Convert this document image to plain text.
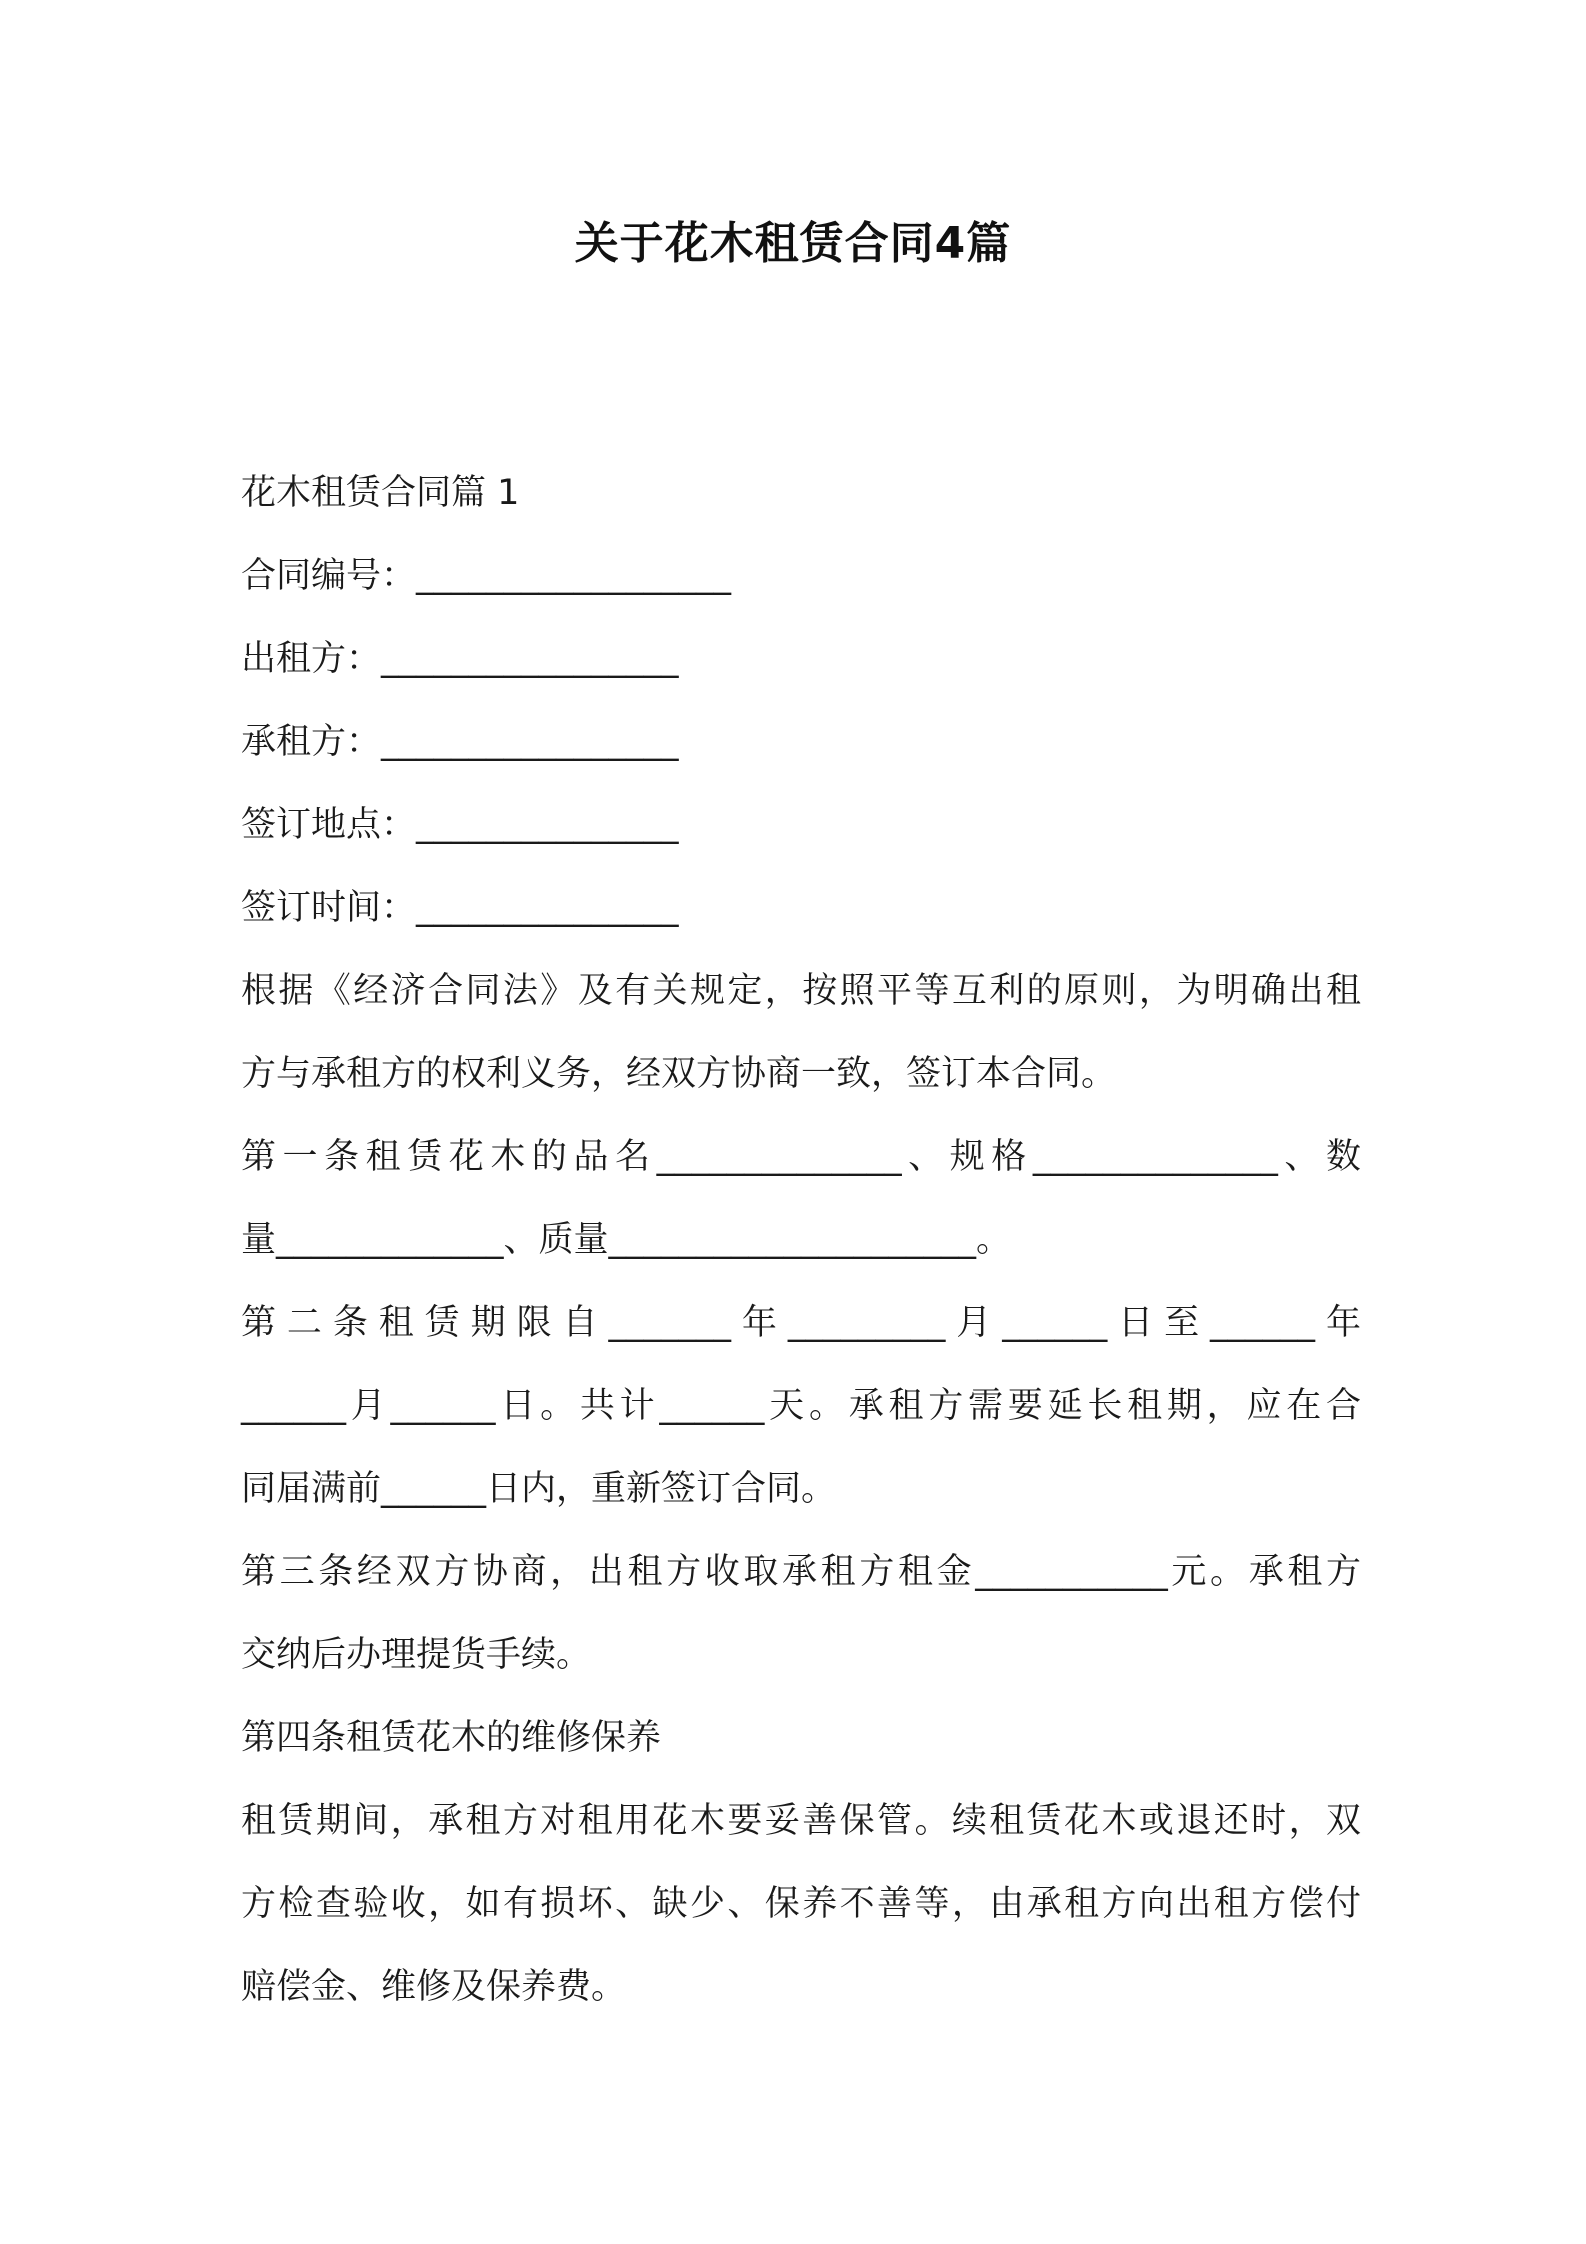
关于花木租赁合同4篇
花木租赁合同篇 1
合同编号：__________________
出租方：_________________
承租方：_________________
签订地点：_______________
签订时间：_______________
根据《经济合同法》及有关规定，按照平等互利的原则，为明确出租
方与承租方的权利义务，经双方协商一致，签订本合同。
第一条租赁花木的品名______________、规格______________、数
量_____________、质量_____________________。
第二条租赁期限自_______年_________月______日至______年
______月______日。共计______天。承租方需要延长租期，应在合
同届满前______日内，重新签订合同。
第三条经双方协商，出租方收取承租方租金___________元。承租方
交纳后办理提货手续。
第四条租赁花木的维修保养
租赁期间，承租方对租用花木要妥善保管。续租赁花木或退还时，双
方检查验收，如有损坏、缺少、保养不善等，由承租方向出租方偿付
赔偿金、维修及保养费。
